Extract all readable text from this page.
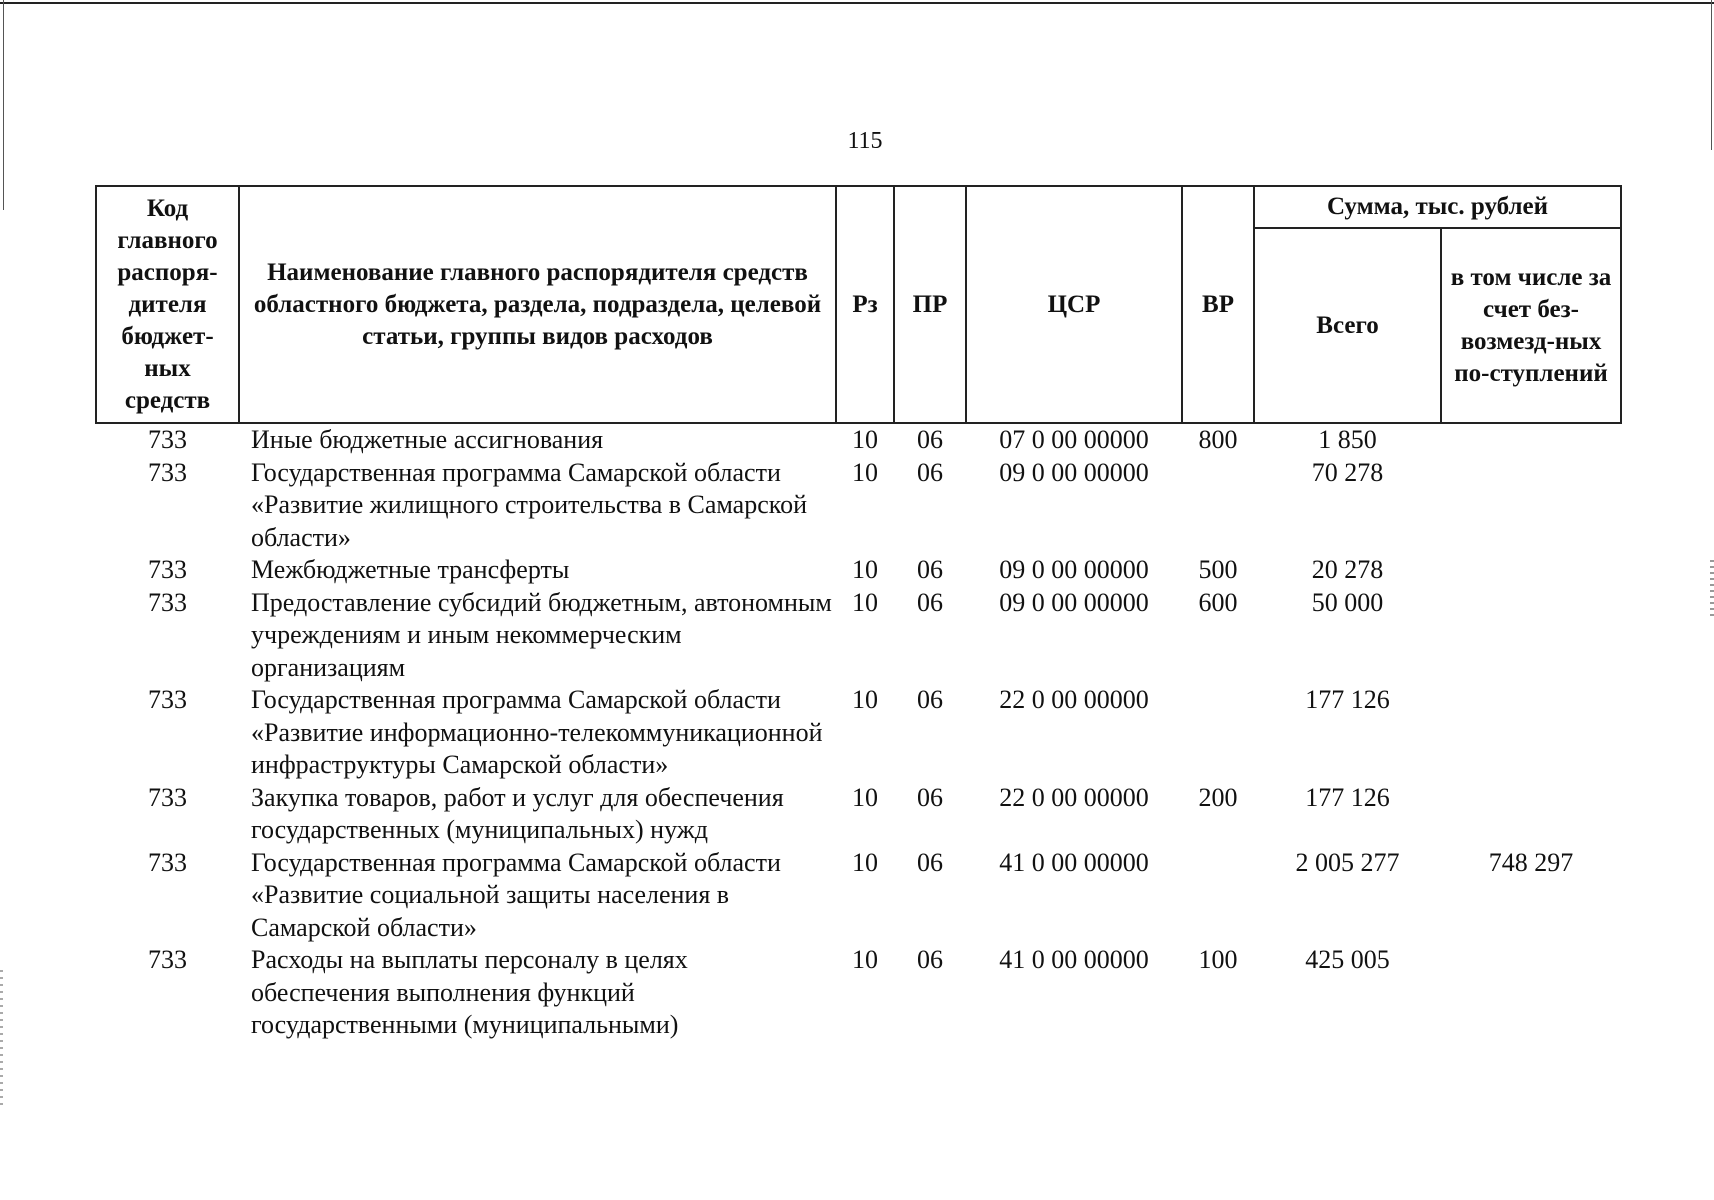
115
Код главного распоря-дителя бюджет-ных средств	Наименование главного распорядителя средств областного бюджета, раздела, подраздела, целевой статьи, группы видов расходов	Рз	ПР	ЦСР	ВР	Сумма, тыс. рублей	
						Всего	в том числе за счет без-возмезд-ных по-ступлений
733	Иные бюджетные ассигнования	10	06	07 0 00 00000	800	1 850	
733	Государственная программа Самарской области «Развитие жилищного строительства в Самарской области»	10	06	09 0 00 00000		70 278	
733	Межбюджетные трансферты	10	06	09 0 00 00000	500	20 278	
733	Предоставление субсидий бюджетным, автономным учреждениям и иным некоммерческим организациям	10	06	09 0 00 00000	600	50 000	
733	Государственная программа Самарской области «Развитие информационно-телекоммуникационной инфраструктуры Самарской области»	10	06	22 0 00 00000		177 126	
733	Закупка товаров, работ и услуг для обеспечения государственных (муниципальных) нужд	10	06	22 0 00 00000	200	177 126	
733	Государственная программа Самарской области «Развитие социальной защиты населения в Самарской области»	10	06	41 0 00 00000		2 005 277	748 297
733	Расходы на выплаты персоналу в целях обеспечения выполнения функций государственными (муниципальными)	10	06	41 0 00 00000	100	425 005	
